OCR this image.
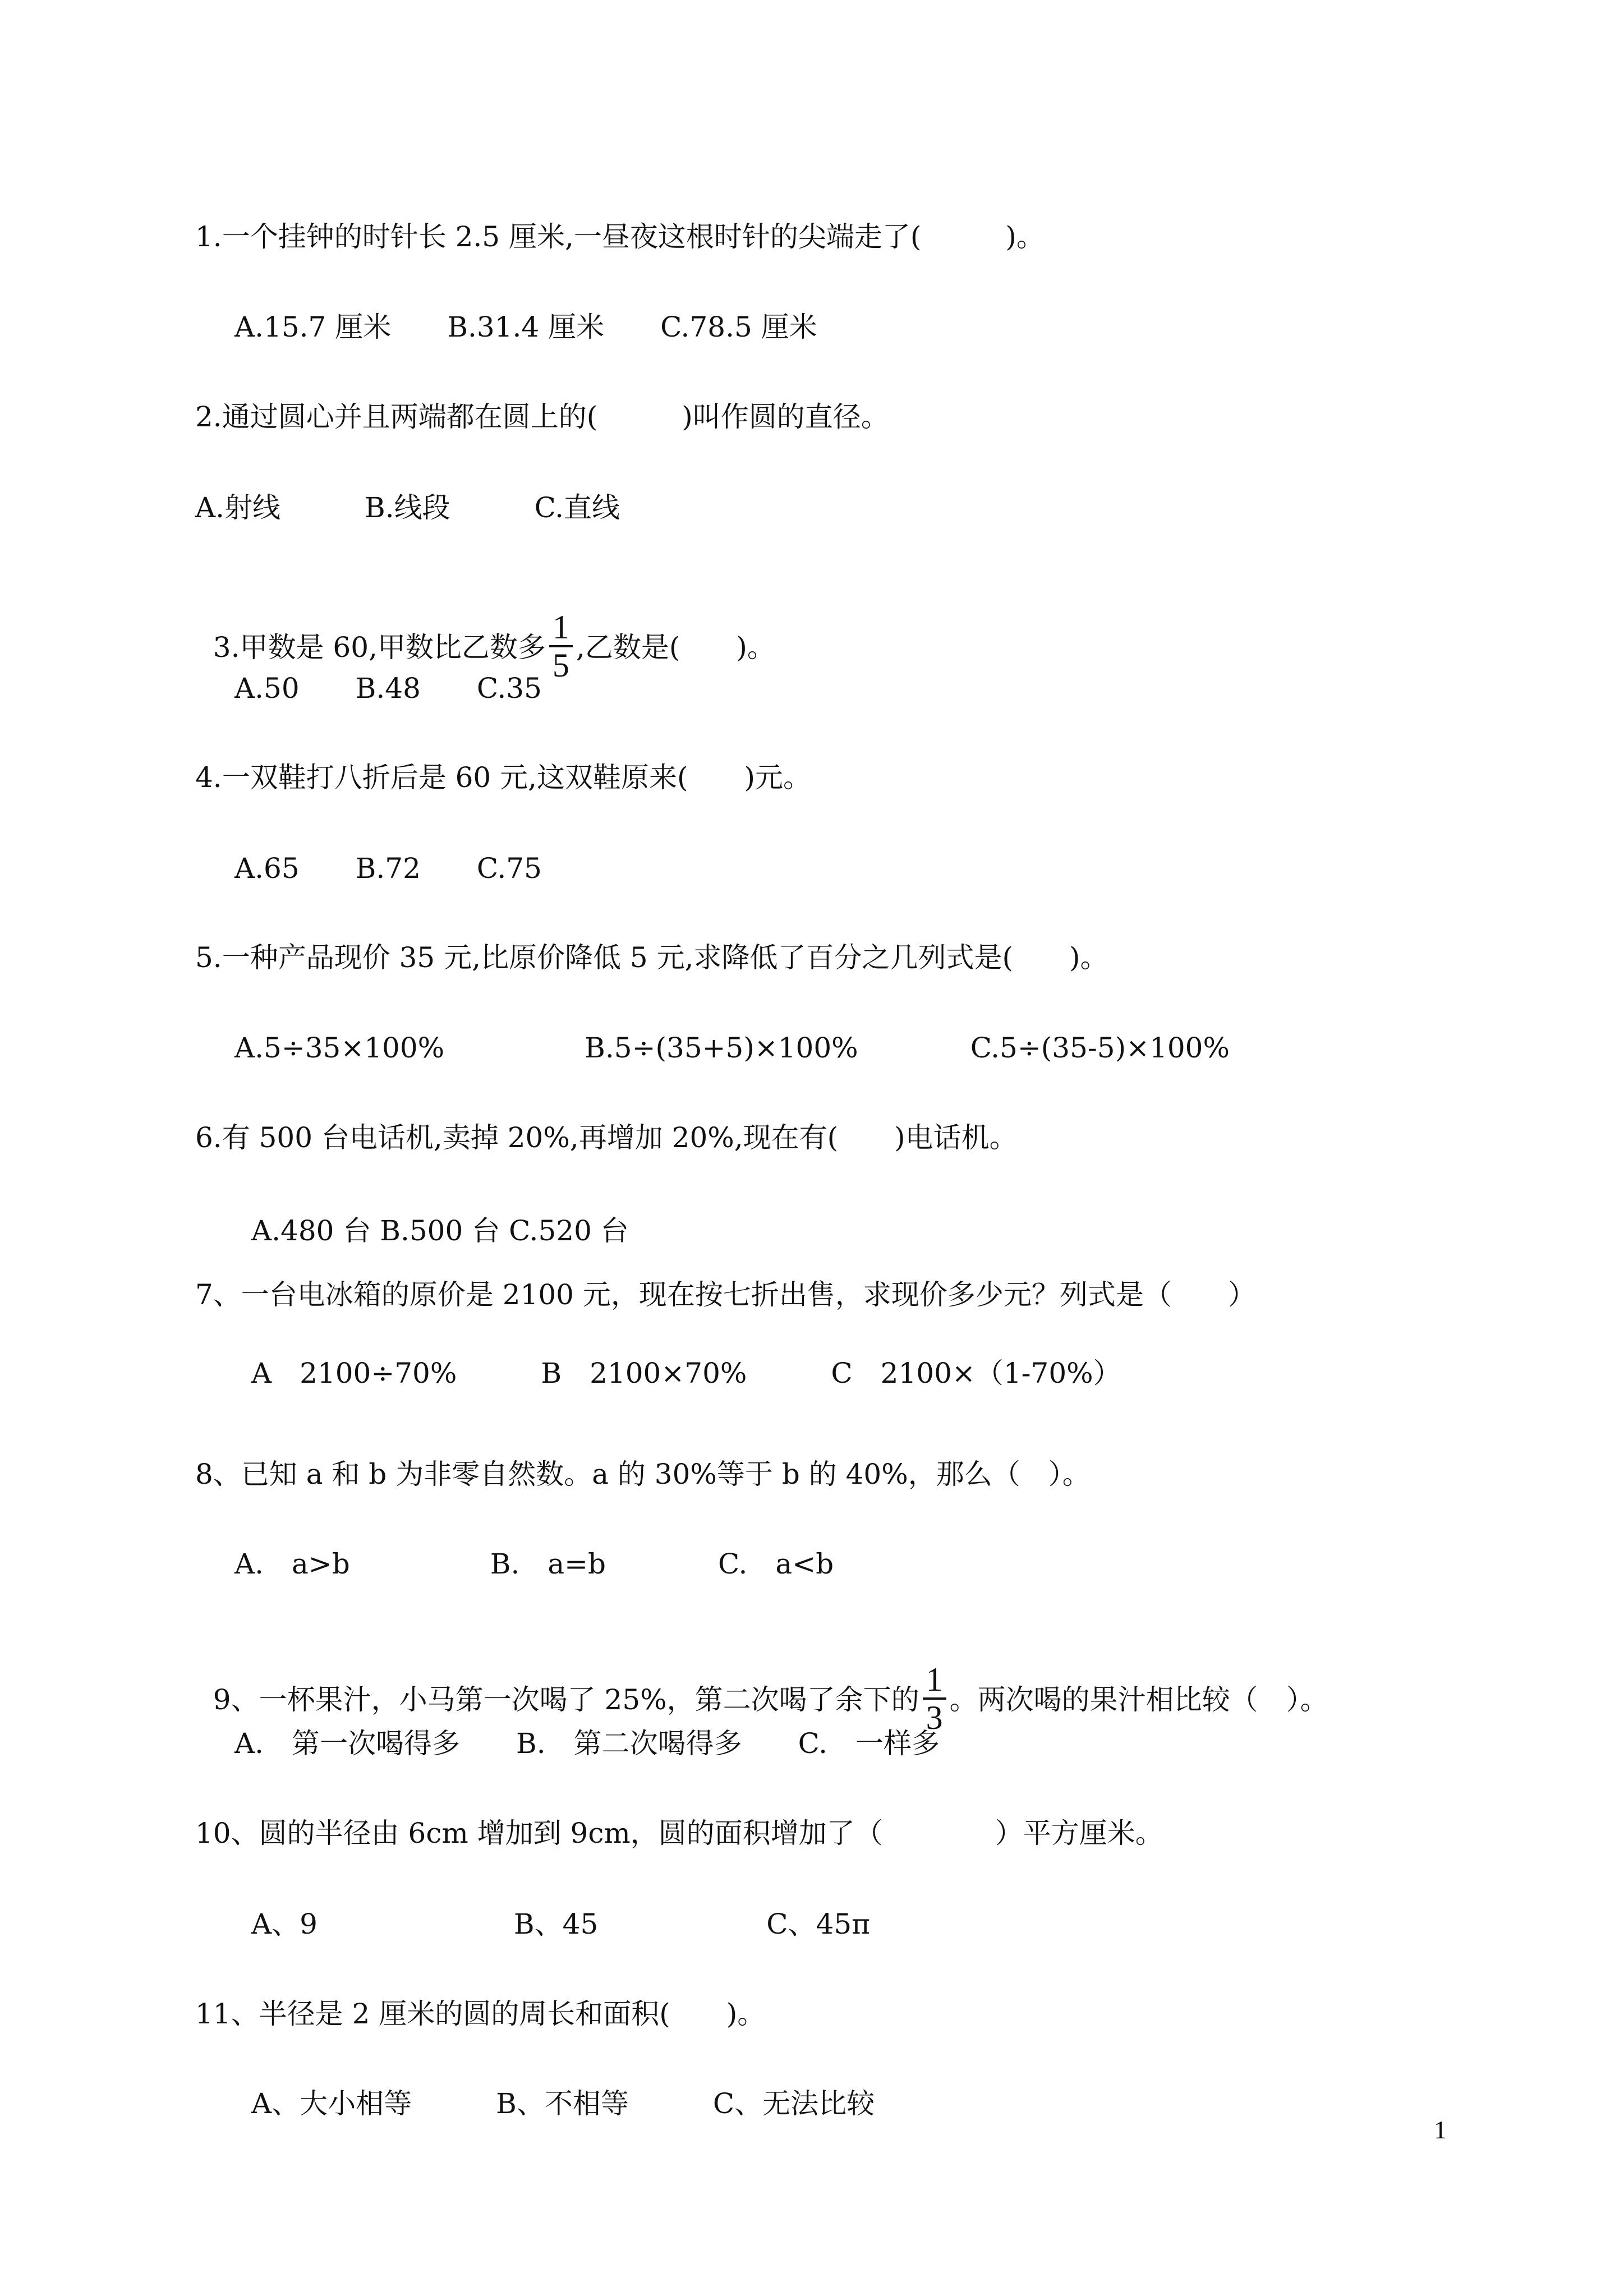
1.一个挂钟的时针长 2.5 厘米,一昼夜这根时针的尖端走了(　　　)。
A.15.7 厘米　　B.31.4 厘米　　C.78.5 厘米
2.通过圆心并且两端都在圆上的(　　　)叫作圆的直径。
A.射线　　　B.线段　　　C.直线

3.甲数是 60,甲数比乙数多 $\frac{1}{5}$ ,乙数是(　　)。

A.50　　B.48　　C.35
4.一双鞋打八折后是 60 元,这双鞋原来(　　)元。
A.65　　B.72　　C.75
5.一种产品现价 35 元,比原价降低 5 元,求降低了百分之几列式是(　　)。
A.5÷35×100%　　　　　B.5÷(35+5)×100%　　　　C.5÷(35-5)×100%
6.有 500 台电话机,卖掉 20%,再增加 20%,现在有(　　)电话机。
A.480 台 B.500 台 C.520 台
7、一台电冰箱的原价是 2100 元，现在按七折出售，求现价多少元？列式是（　　）
A　2100÷70%　　　B　2100×70%　　　C　2100×（1-70%）
8、已知 a 和 b 为非零自然数。a 的 30%等于 b 的 40%，那么（　）。
A.　a>b　　　　　B.　a=b　　　　C.　a<b

9、一杯果汁，小马第一次喝了 25%，第二次喝了余下的 $\frac{1}{3}$ 。两次喝的果汁相比较（　）。

A.　第一次喝得多　　B.　第二次喝得多　　C.　一样多
10、圆的半径由 6cm 增加到 9cm，圆的面积增加了（　　　　）平方厘米。
A、9　　　　　　　B、45　　　　　　C、45π
11、半径是 2 厘米的圆的周长和面积(　　)。
A、大小相等　　　B、不相等　　　C、无法比较
1
